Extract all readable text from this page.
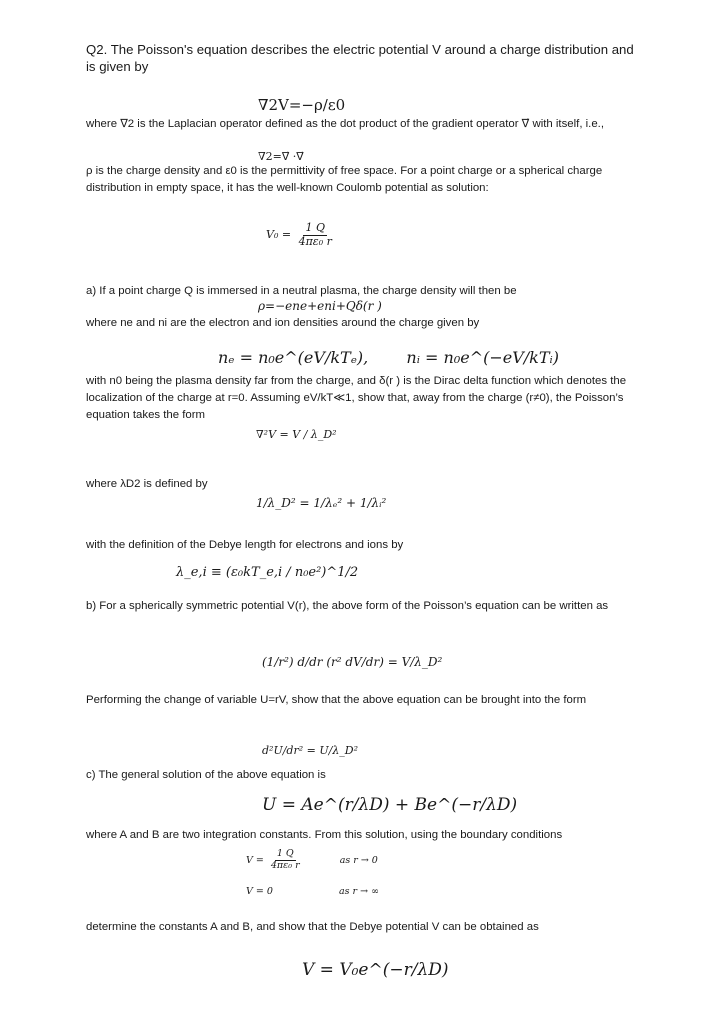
Q2. The Poisson's equation describes the electric potential V around a charge distribution and is given by
∇2V=−ρ/ε0
where ∇2 is the Laplacian operator defined as the dot product of the gradient operator ∇⃗ with itself, i.e.,
∇2=∇⃗ ·∇⃗
ρ is the charge density and ε0 is the permittivity of free space. For a point charge or a spherical charge distribution in empty space, it has the well-known Coulomb potential as solution:
$V_0 = \frac{1 Q}{\text{4πε₀ r}}$
a) If a point charge Q is immersed in a neutral plasma, the charge density will then be
ρ=−ene+eni+Qδ(r )
where ne and ni are the electron and ion densities around the charge given by
nₑ = n₀e^(eV/kTₑ), nᵢ = n₀e^(−eV/kTᵢ)
with n0 being the plasma density far from the charge, and δ(r ) is the Dirac delta function which denotes the localization of the charge at r=0. Assuming eV/kT≪1, show that, away from the charge (r≠0), the Poisson’s equation takes the form
∇²V = V / λ_D²
where λD2 is defined by
1/λ_D² = 1/λₑ² + 1/λᵢ²
with the definition of the Debye length for electrons and ions by
λ_e,i ≡ (ε₀kT_e,i / n₀e²)^1/2
b) For a spherically symmetric potential V(r), the above form of the Poisson’s equation can be written as
(1/r²) d/dr (r² dV/dr) = V/λ_D²
Performing the change of variable U=rV, show that the above equation can be brought into the form
d²U/dr² = U/λ_D²
c) The general solution of the above equation is
U = Ae^(r/λD) + Be^(−r/λD)
where A and B are two integration constants. From this solution, using the boundary conditions
$V = \frac{1 Q}{\text{4πε₀ r}}$	as r → 0
V = 0	as r → ∞
determine the constants A and B, and show that the Debye potential V can be obtained as
V = V₀e^(−r/λD)
